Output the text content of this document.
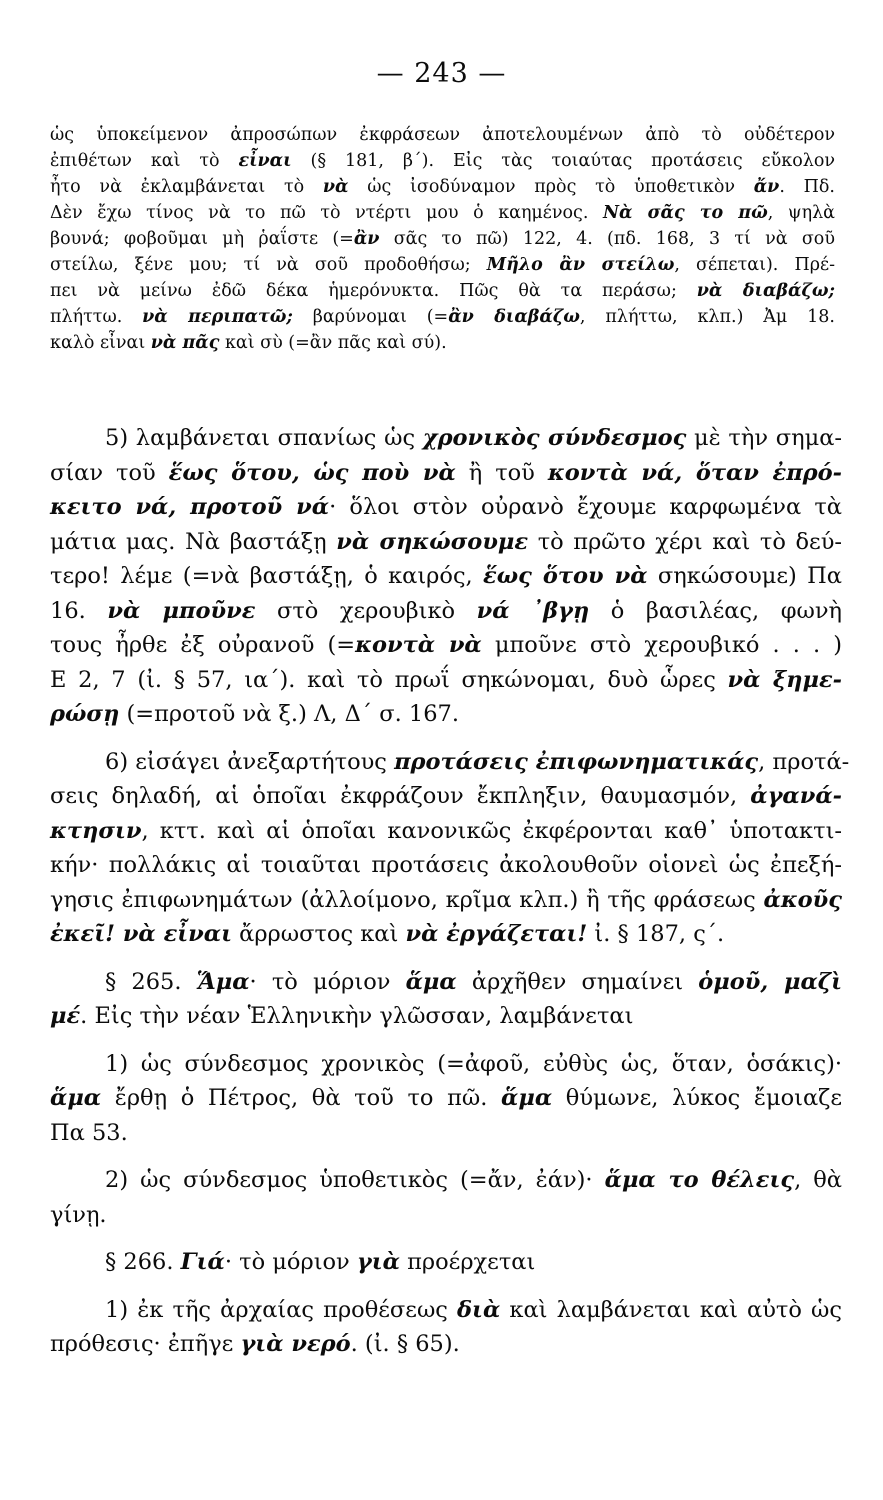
— 243 —
ὡς ὑποκείμενον ἀπροσώπων ἐκφράσεων ἀποτελουμένων ἀπὸ τὸ οὐδέτερον
ἐπιθέτων καὶ τὸ εἶναι (§ 181, β΄). Εἰς τὰς τοιαύτας προτάσεις εὔκολον
ἦτο νὰ ἐκλαμβάνεται τὸ νὰ ὡς ἰσοδύναμον πρὸς τὸ ὑποθετικὸν ἄν. Πδ.
Δὲν ἔχω τίνος νὰ το πῶ τὸ ντέρτι μου ὁ καημένος. Νὰ σᾶς το πῶ, ψηλὰ
βουνά; φοβοῦμαι μὴ ῥαΐστε (=ἂν σᾶς το πῶ) 122, 4. (πδ. 168, 3 τί νὰ σοῦ
στείλω, ξένε μου; τί νὰ σοῦ προδοθήσω; Μῆλο ἂν στείλω, σέπεται). Πρέ-
πει νὰ μείνω ἐδῶ δέκα ἡμερόνυκτα. Πῶς θὰ τα περάσω; νὰ διαβάζω;
πλήττω. νὰ περιπατῶ; βαρύνομαι (=ἂν διαβάζω, πλήττω, κλπ.) Ἀμ 18.
καλὸ εἶναι νὰ πᾶς καὶ σὺ (=ἂν πᾶς καὶ σύ).
5) λαμβάνεται σπανίως ὡς χρονικὸς σύνδεσμος μὲ τὴν σημα-
σίαν τοῦ ἕως ὅτου, ὡς ποὺ νὰ ἢ τοῦ κοντὰ νά, ὅταν ἐπρό-
κειτο νά, προτοῦ νά· ὅλοι στὸν οὐρανὸ ἔχουμε καρφωμένα τὰ
μάτια μας. Νὰ βαστάξῃ νὰ σηκώσουμε τὸ πρῶτο χέρι καὶ τὸ δεύ-
τερο! λέμε (=νὰ βαστάξῃ, ὁ καιρός, ἕως ὅτου νὰ σηκώσουμε) Πα
16. νὰ μποῦνε στὸ χερουβικὸ νά ᾽βγῃ ὁ βασιλέας, φωνὴ
τους ἦρθε ἐξ οὐρανοῦ (=κοντὰ νὰ μποῦνε στὸ χερουβικό . . . )
Ε 2, 7 (ἰ. § 57, ια΄). καὶ τὸ πρωΐ σηκώνομαι, δυὸ ὧρες νὰ ξημε-
ρώσῃ (=προτοῦ νὰ ξ.) Λ, Δ΄ σ. 167.
6) εἰσάγει ἀνεξαρτήτους προτάσεις ἐπιφωνηματικάς, προτά-
σεις δηλαδή, αἱ ὁποῖαι ἐκφράζουν ἔκπληξιν, θαυμασμόν, ἀγανά-
κτησιν, κττ. καὶ αἱ ὁποῖαι κανονικῶς ἐκφέρονται καθ᾽ ὑποτακτι-
κήν· πολλάκις αἱ τοιαῦται προτάσεις ἀκολουθοῦν οἱονεὶ ὡς ἐπεξή-
γησις ἐπιφωνημάτων (ἀλλοίμονο, κρῖμα κλπ.) ἢ τῆς φράσεως ἀκοῦς
ἐκεῖ! νὰ εἶναι ἄρρωστος καὶ νὰ ἐργάζεται! ἰ. § 187, ς΄.
§ 265. Ἅμα· τὸ μόριον ἅμα ἀρχῆθεν σημαίνει ὁμοῦ, μαζὶ
μέ. Εἰς τὴν νέαν Ἑλληνικὴν γλῶσσαν, λαμβάνεται
1) ὡς σύνδεσμος χρονικὸς (=ἀφοῦ, εὐθὺς ὡς, ὅταν, ὁσάκις)·
ἅμα ἔρθῃ ὁ Πέτρος, θὰ τοῦ το πῶ. ἅμα θύμωνε, λύκος ἔμοιαζε
Πα 53.
2) ὡς σύνδεσμος ὑποθετικὸς (=ἄν, ἐάν)· ἅμα το θέλεις, θὰ
γίνῃ.
§ 266. Γιά· τὸ μόριον γιὰ προέρχεται
1) ἐκ τῆς ἀρχαίας προθέσεως διὰ καὶ λαμβάνεται καὶ αὐτὸ ὡς
πρόθεσις· ἐπῆγε γιὰ νερό. (ἰ. § 65).
